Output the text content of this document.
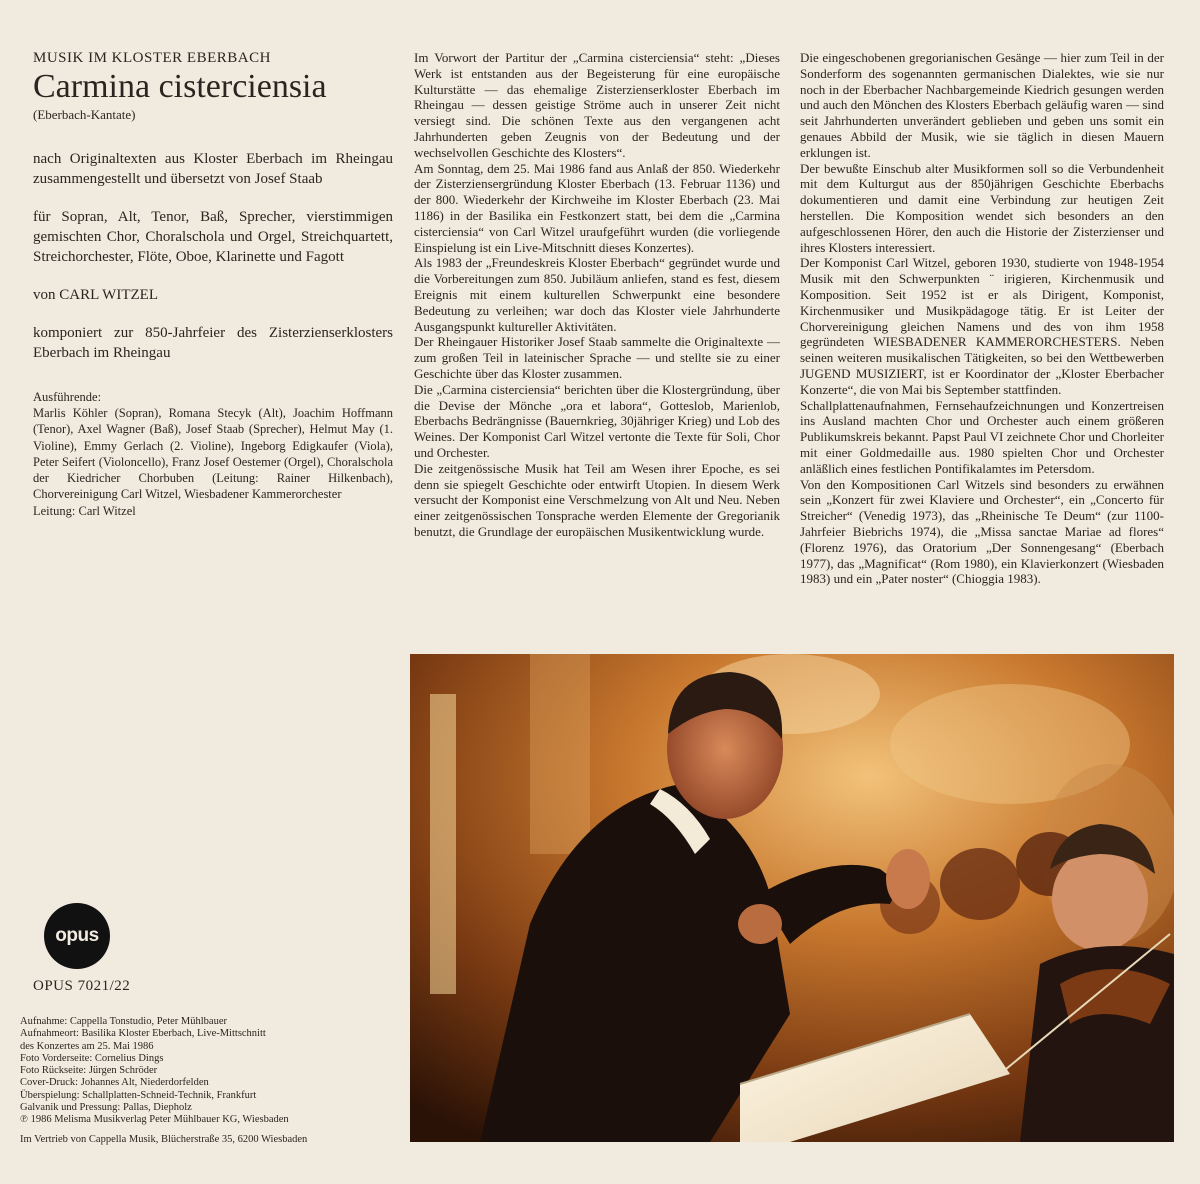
MUSIK IM KLOSTER EBERBACH
Carmina cisterciensia
(Eberbach-Kantate)

nach Originaltexten aus Kloster Eberbach im Rheingau zusammengestellt und übersetzt von Josef Staab

für Sopran, Alt, Tenor, Baß, Sprecher, vierstimmigen gemischten Chor, Choralschola und Orgel, Streichquartett, Streichorchester, Flöte, Oboe, Klarinette und Fagott

von CARL WITZEL

komponiert zur 850-Jahrfeier des Zisterzienserklosters Eberbach im Rheingau

Ausführende:

Marlis Köhler (Sopran), Romana Stecyk (Alt), Joachim Hoffmann (Tenor), Axel Wagner (Baß), Josef Staab (Sprecher), Helmut May (1. Violine), Emmy Gerlach (2. Violine), Ingeborg Edigkaufer (Viola), Peter Seifert (Violoncello), Franz Josef Oestemer (Orgel), Choralschola der Kiedricher Chorbuben (Leitung: Rainer Hilkenbach), Chorvereinigung Carl Witzel, Wiesbadener Kammerorchester

Leitung: Carl Witzel

Im Vorwort der Partitur der „Carmina cisterciensia“ steht: „Dieses Werk ist entstanden aus der Begeisterung für eine europäische Kulturstätte — das ehemalige Zisterzienserkloster Eberbach im Rheingau — dessen geistige Ströme auch in unserer Zeit nicht versiegt sind. Die schönen Texte aus den vergangenen acht Jahrhunderten geben Zeugnis von der Bedeutung und der wechselvollen Geschichte des Klosters“.

Am Sonntag, dem 25. Mai 1986 fand aus Anlaß der 850. Wiederkehr der Zisterziensergründung Kloster Eberbach (13. Februar 1136) und der 800. Wiederkehr der Kirchweihe im Kloster Eberbach (23. Mai 1186) in der Basilika ein Festkonzert statt, bei dem die „Carmina cisterciensia“ von Carl Witzel uraufgeführt wurden (die vorliegende Einspielung ist ein Live-Mitschnitt dieses Konzertes).

Als 1983 der „Freundeskreis Kloster Eberbach“ gegründet wurde und die Vorbereitungen zum 850. Jubiläum anliefen, stand es fest, diesem Ereignis mit einem kulturellen Schwerpunkt eine besondere Bedeutung zu verleihen; war doch das Kloster viele Jahrhunderte Ausgangspunkt kultureller Aktivitäten.

Der Rheingauer Historiker Josef Staab sammelte die Originaltexte — zum großen Teil in lateinischer Sprache — und stellte sie zu einer Geschichte über das Kloster zusammen.

Die „Carmina cisterciensia“ berichten über die Klostergründung, über die Devise der Mönche „ora et labora“, Gotteslob, Marienlob, Eberbachs Bedrängnisse (Bauernkrieg, 30jähriger Krieg) und Lob des Weines. Der Komponist Carl Witzel vertonte die Texte für Soli, Chor und Orchester.

Die zeitgenössische Musik hat Teil am Wesen ihrer Epoche, es sei denn sie spiegelt Geschichte oder entwirft Utopien. In diesem Werk versucht der Komponist eine Verschmelzung von Alt und Neu. Neben einer zeitgenössischen Tonsprache werden Elemente der Gregorianik benutzt, die Grundlage der europäischen Musikentwicklung wurde.

Die eingeschobenen gregorianischen Gesänge — hier zum Teil in der Sonderform des sogenannten germanischen Dialektes, wie sie nur noch in der Eberbacher Nachbargemeinde Kiedrich gesungen werden und auch den Mönchen des Klosters Eberbach geläufig waren — sind seit Jahrhunderten unverändert geblieben und geben uns somit ein genaues Abbild der Musik, wie sie täglich in diesen Mauern erklungen ist.

Der bewußte Einschub alter Musikformen soll so die Verbundenheit mit dem Kulturgut aus der 850jährigen Geschichte Eberbachs dokumentieren und damit eine Verbindung zur heutigen Zeit herstellen. Die Komposition wendet sich besonders an den aufgeschlossenen Hörer, den auch die Historie der Zisterzienser und ihres Klosters interessiert.

Der Komponist Carl Witzel, geboren 1930, studierte von 1948-1954 Musik mit den Schwerpunkten ¨ irigieren, Kirchenmusik und Komposition. Seit 1952 ist er als Dirigent, Komponist, Kirchenmusiker und Musikpädagoge tätig. Er ist Leiter der Chorvereinigung gleichen Namens und des von ihm 1958 gegründeten WIESBADENER KAMMERORCHESTERS. Neben seinen weiteren musikalischen Tätigkeiten, so bei den Wettbewerben JUGEND MUSIZIERT, ist er Koordinator der „Kloster Eberbacher Konzerte“, die von Mai bis September stattfinden.

Schallplattenaufnahmen, Fernsehaufzeichnungen und Konzertreisen ins Ausland machten Chor und Orchester auch einem größeren Publikumskreis bekannt. Papst Paul VI zeichnete Chor und Chorleiter mit einer Goldmedaille aus. 1980 spielten Chor und Orchester anläßlich eines festlichen Pontifikalamtes im Petersdom.

Von den Kompositionen Carl Witzels sind besonders zu erwähnen sein „Konzert für zwei Klaviere und Orchester“, ein „Concerto für Streicher“ (Venedig 1973), das „Rheinische Te Deum“ (zur 1100-Jahrfeier Biebrichs 1974), die „Missa sanctae Mariae ad flores“ (Florenz 1976), das Oratorium „Der Sonnengesang“ (Eberbach 1977), das „Magnificat“ (Rom 1980), ein Klavierkonzert (Wiesbaden 1983) und ein „Pater noster“ (Chioggia 1983).

opus
OPUS 7021/22
Aufnahme: Cappella Tonstudio, Peter Mühlbauer
Aufnahmeort: Basilika Kloster Eberbach, Live-Mittschnitt
des Konzertes am 25. Mai 1986
Foto Vorderseite: Cornelius Dings
Foto Rückseite: Jürgen Schröder
Cover-Druck: Johannes Alt, Niederdorfelden
Überspielung: Schallplatten-Schneid-Technik, Frankfurt
Galvanik und Pressung: Pallas, Diepholz
℗ 1986 Melisma Musikverlag Peter Mühlbauer KG, Wiesbaden
Im Vertrieb von Cappella Musik, Blücherstraße 35, 6200 Wiesbaden
